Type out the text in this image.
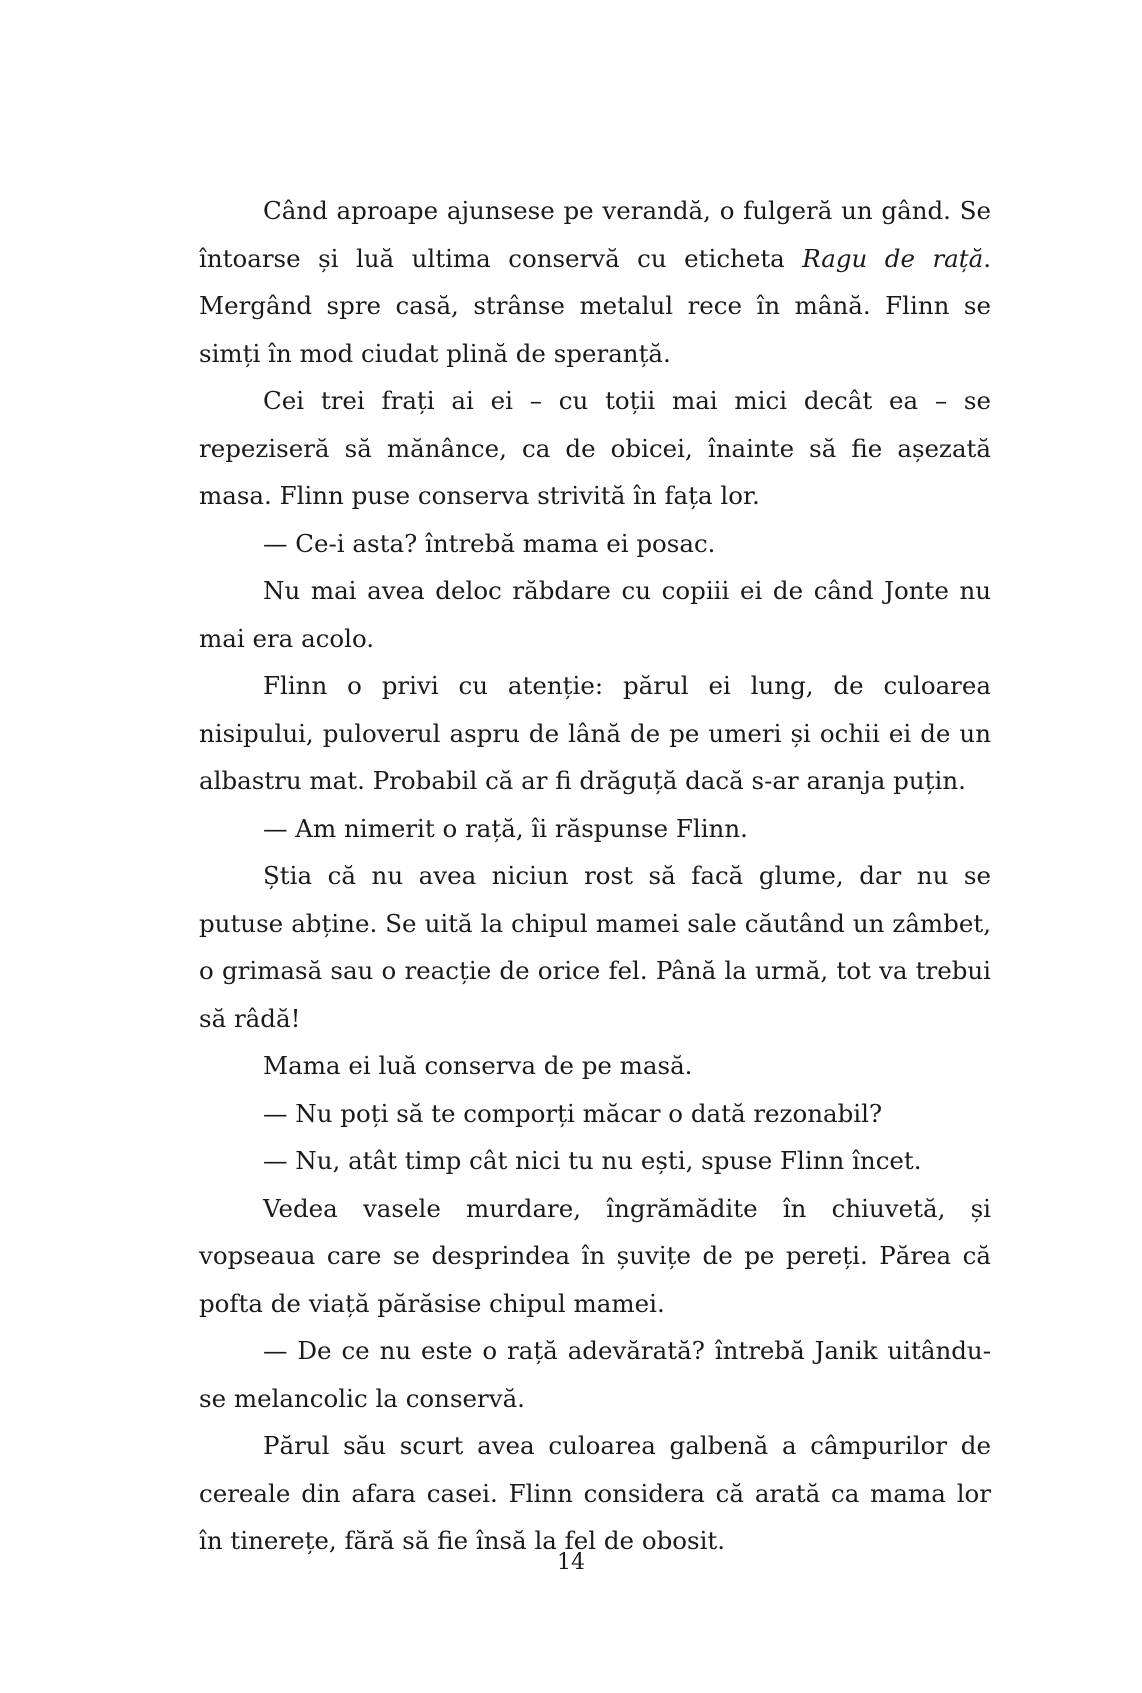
Când aproape ajunsese pe verandă, o fulgeră un gând. Se întoarse și luă ultima conservă cu eticheta Ragu de rață. Mergând spre casă, strânse metalul rece în mână. Flinn se simți în mod ciudat plină de speranță.

Cei trei frați ai ei – cu toții mai mici decât ea – se repeziseră să mănânce, ca de obicei, înainte să fie așezată masa. Flinn puse conserva strivită în fața lor.

— Ce-i asta? întrebă mama ei posac.

Nu mai avea deloc răbdare cu copiii ei de când Jonte nu mai era acolo.

Flinn o privi cu atenție: părul ei lung, de culoarea nisipului, puloverul aspru de lână de pe umeri și ochii ei de un albastru mat. Probabil că ar fi drăguță dacă s-ar aranja puțin.

— Am nimerit o rață, îi răspunse Flinn.

Știa că nu avea niciun rost să facă glume, dar nu se putuse abține. Se uită la chipul mamei sale căutând un zâmbet, o grimasă sau o reacție de orice fel. Până la urmă, tot va trebui să râdă!

Mama ei luă conserva de pe masă.

— Nu poți să te comporți măcar o dată rezonabil?

— Nu, atât timp cât nici tu nu ești, spuse Flinn încet.

Vedea vasele murdare, îngrămădite în chiuvetă, și vopseaua care se desprindea în șuvițe de pe pereți. Părea că pofta de viață părăsise chipul mamei.

— De ce nu este o rață adevărată? întrebă Janik uitându-se melancolic la conservă.

Părul său scurt avea culoarea galbenă a câmpurilor de cereale din afara casei. Flinn considera că arată ca mama lor în tinerețe, fără să fie însă la fel de obosit.

14
